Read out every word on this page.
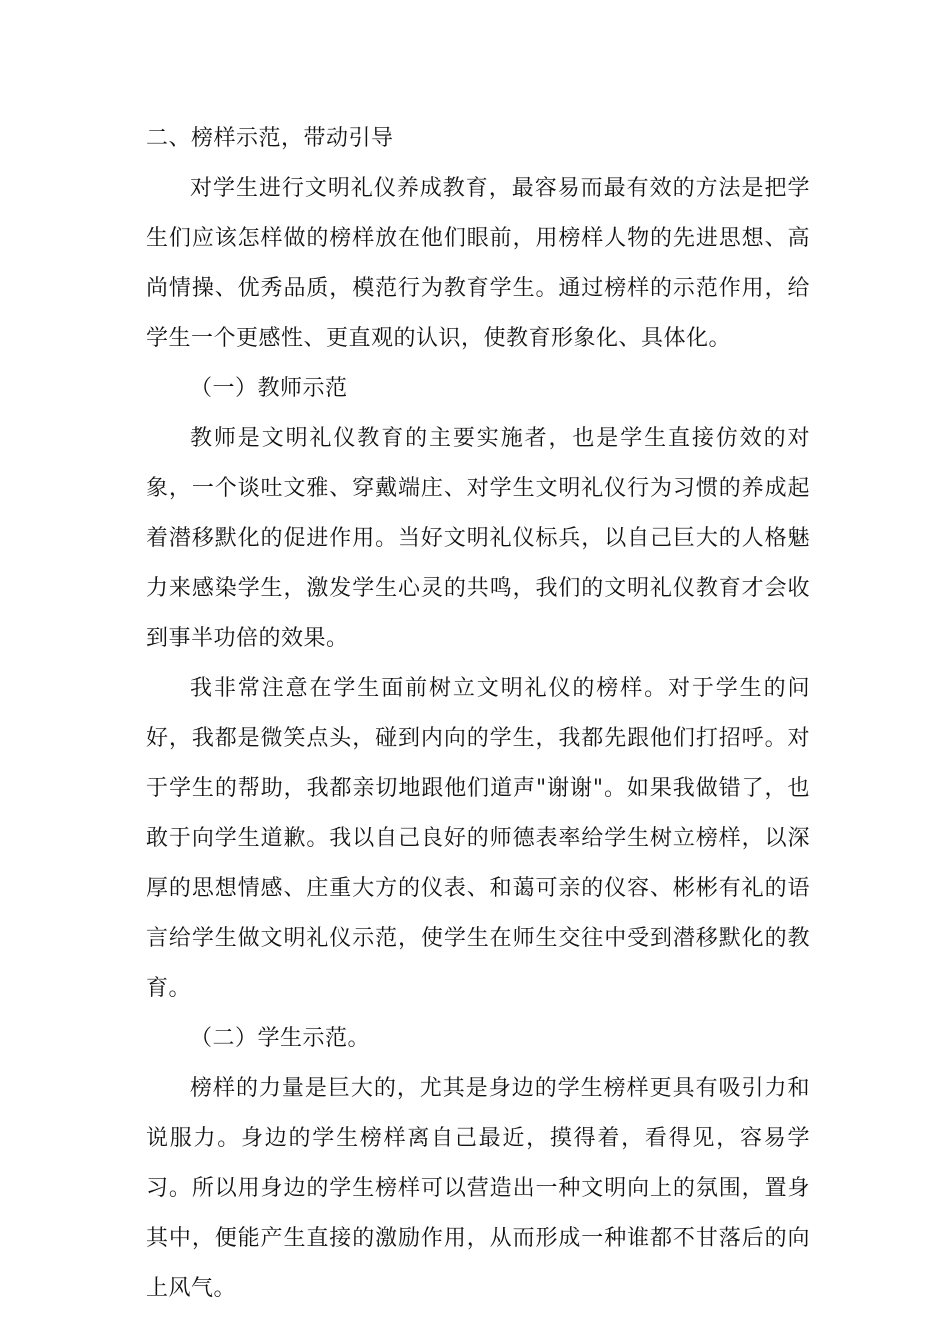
二、榜样示范，带动引导

对学生进行文明礼仪养成教育，最容易而最有效的方法是把学生们应该怎样做的榜样放在他们眼前，用榜样人物的先进思想、高尚情操、优秀品质，模范行为教育学生。通过榜样的示范作用，给学生一个更感性、更直观的认识，使教育形象化、具体化。

（一）教师示范

教师是文明礼仪教育的主要实施者，也是学生直接仿效的对象，一个谈吐文雅、穿戴端庄、对学生文明礼仪行为习惯的养成起着潜移默化的促进作用。当好文明礼仪标兵，以自己巨大的人格魅力来感染学生，激发学生心灵的共鸣，我们的文明礼仪教育才会收到事半功倍的效果。

我非常注意在学生面前树立文明礼仪的榜样。对于学生的问好，我都是微笑点头，碰到内向的学生，我都先跟他们打招呼。对于学生的帮助，我都亲切地跟他们道声"谢谢"。如果我做错了，也敢于向学生道歉。我以自己良好的师德表率给学生树立榜样，以深厚的思想情感、庄重大方的仪表、和蔼可亲的仪容、彬彬有礼的语言给学生做文明礼仪示范，使学生在师生交往中受到潜移默化的教育。

（二）学生示范。

榜样的力量是巨大的，尤其是身边的学生榜样更具有吸引力和说服力。身边的学生榜样离自己最近，摸得着，看得见，容易学习。所以用身边的学生榜样可以营造出一种文明向上的氛围，置身其中，便能产生直接的激励作用，从而形成一种谁都不甘落后的向上风气。
